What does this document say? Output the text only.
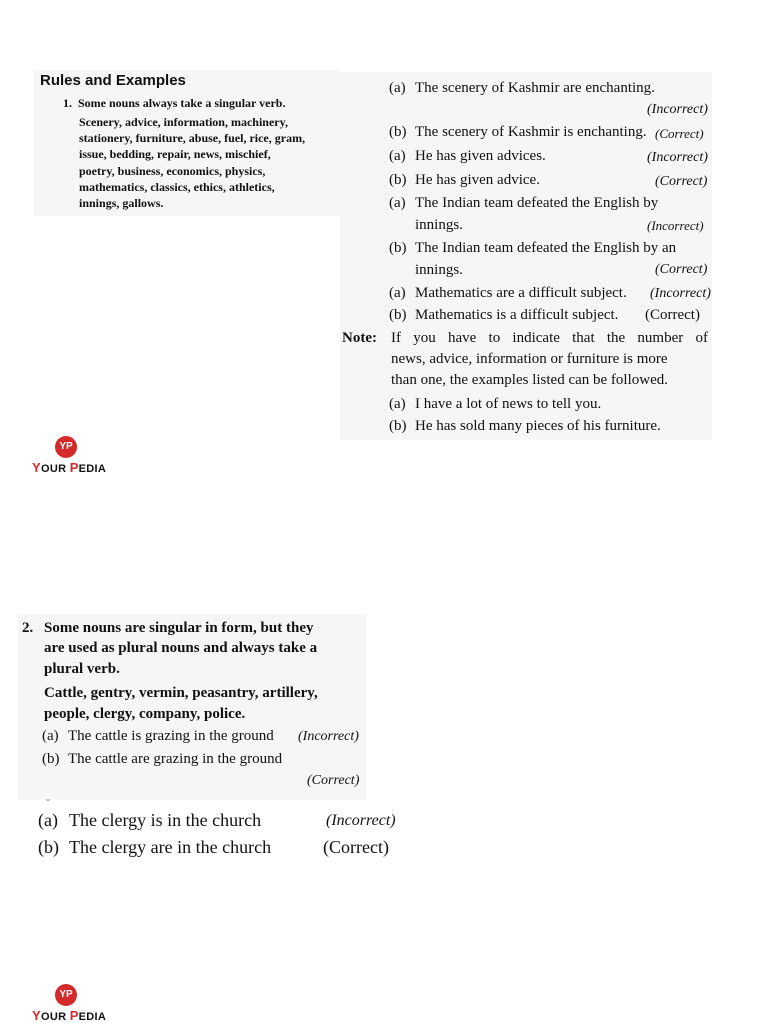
Rules and Examples
1. Some nouns always take a singular verb.
Scenery, advice, information, machinery,
stationery, furniture, abuse, fuel, rice, gram,
issue, bedding, repair, news, mischief,
poetry, business, economics, physics,
mathematics, classics, ethics, athletics,
innings, gallows.
(a) The scenery of Kashmir are enchanting.
(Incorrect)
(b) The scenery of Kashmir is enchanting. (Correct)
(a) He has given advices.	(Incorrect)
(b) He has given advice.	(Correct)
(a) The Indian team defeated the English by
innings.	(Incorrect)
(b) The Indian team defeated the English by an
innings.	(Correct)
(a) Mathematics are a difficult subject. (Incorrect)
(b) Mathematics is a difficult subject. (Correct)
Note: If you have to indicate that the number of
news, advice, information or furniture is more
than one, the examples listed can be followed.
(a) I have a lot of news to tell you.
(b) He has sold many pieces of his furniture.
YP
YOUR PEDIA
2. Some nouns are singular in form, but they
are used as plural nouns and always take a
plural verb.
Cattle, gentry, vermin, peasantry, artillery,
people, clergy, company, police.
(a) The cattle is grazing in the ground (Incorrect)
(b) The cattle are grazing in the ground
(Correct)
-
(a) The clergy is in the church	(Incorrect)
(b) The clergy are in the church	(Correct)
YP
YOUR PEDIA
